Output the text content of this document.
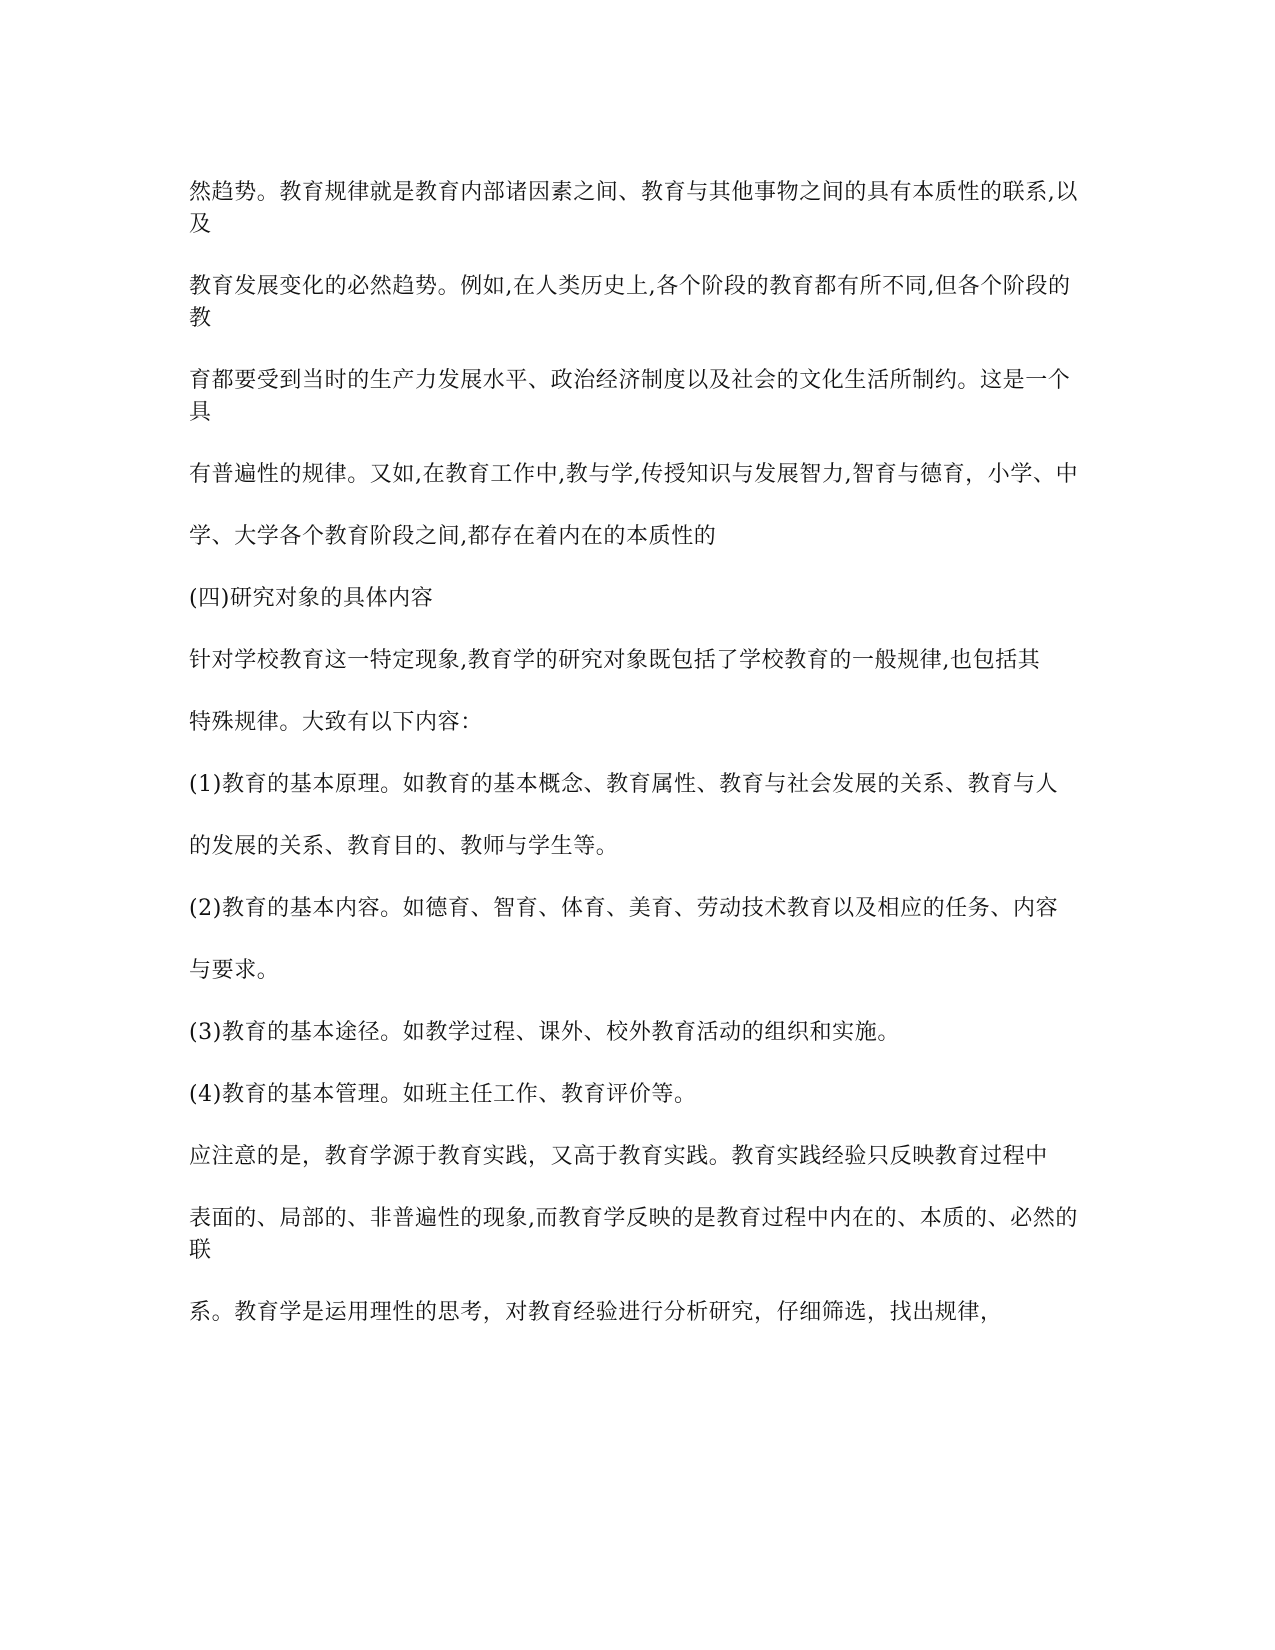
然趋势。教育规律就是教育内部诸因素之间、教育与其他事物之间的具有本质性的联系,以及

教育发展变化的必然趋势。例如,在人类历史上,各个阶段的教育都有所不同,但各个阶段的教

育都要受到当时的生产力发展水平、政治经济制度以及社会的文化生活所制约。这是一个具

有普遍性的规律。又如,在教育工作中,教与学,传授知识与发展智力,智育与德育，小学、中

学、大学各个教育阶段之间,都存在着内在的本质性的

(四)研究对象的具体内容

针对学校教育这一特定现象,教育学的研究对象既包括了学校教育的一般规律,也包括其

特殊规律。大致有以下内容：

(1)教育的基本原理。如教育的基本概念、教育属性、教育与社会发展的关系、教育与人

的发展的关系、教育目的、教师与学生等。

(2)教育的基本内容。如德育、智育、体育、美育、劳动技术教育以及相应的任务、内容

与要求。

(3)教育的基本途径。如教学过程、课外、校外教育活动的组织和实施。

(4)教育的基本管理。如班主任工作、教育评价等。

应注意的是，教育学源于教育实践，又高于教育实践。教育实践经验只反映教育过程中

表面的、局部的、非普遍性的现象,而教育学反映的是教育过程中内在的、本质的、必然的联

系。教育学是运用理性的思考，对教育经验进行分析研究，仔细筛选，找出规律，
